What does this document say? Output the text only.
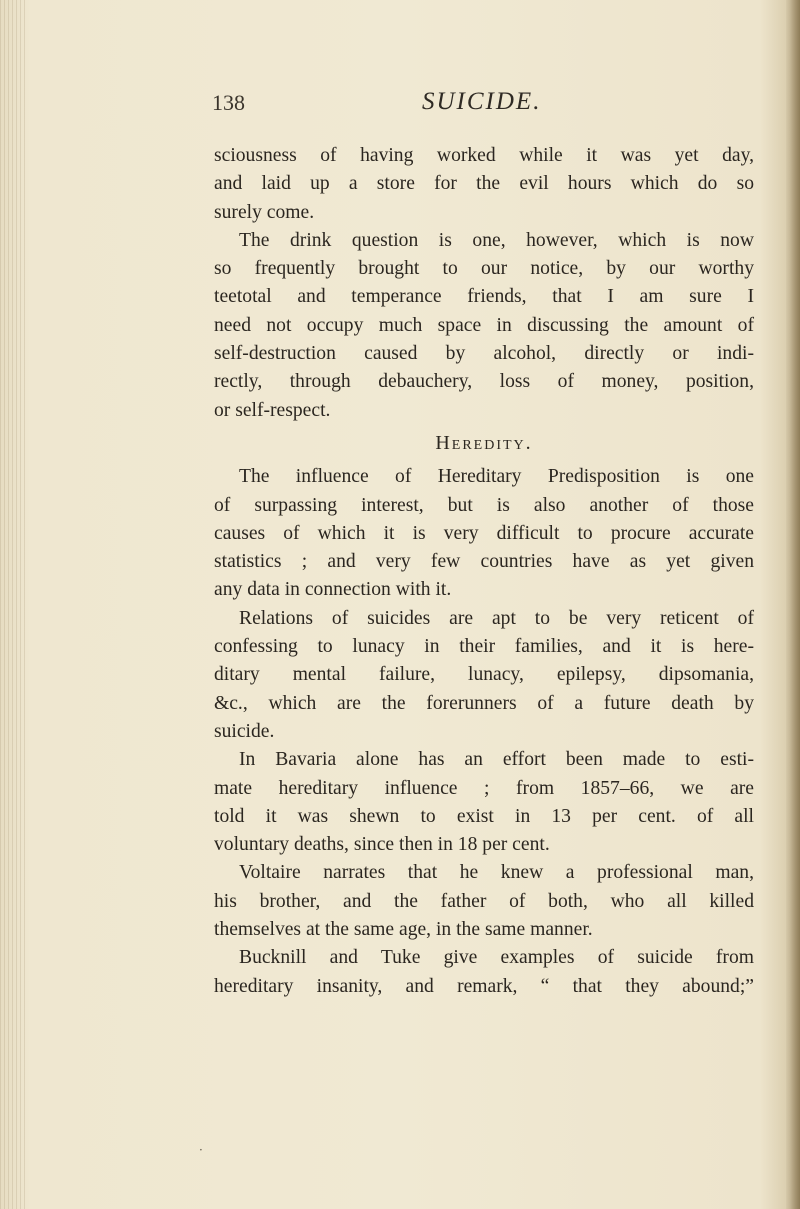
138	SUICIDE.
sciousness of having worked while it was yet day,
and laid up a store for the evil hours which do so
surely come.
The drink question is one, however, which is now
so frequently brought to our notice, by our worthy
teetotal and temperance friends, that I am sure I
need not occupy much space in discussing the amount of
self-destruction caused by alcohol, directly or indi-
rectly, through debauchery, loss of money, position,
or self-respect.
Heredity.
The influence of Hereditary Predisposition is one
of surpassing interest, but is also another of those
causes of which it is very difficult to procure accurate
statistics ; and very few countries have as yet given
any data in connection with it.
Relations of suicides are apt to be very reticent of
confessing to lunacy in their families, and it is here-
ditary mental failure, lunacy, epilepsy, dipsomania,
&c., which are the forerunners of a future death by
suicide.
In Bavaria alone has an effort been made to esti-
mate hereditary influence ; from 1857–66, we are
told it was shewn to exist in 13 per cent. of all
voluntary deaths, since then in 18 per cent.
Voltaire narrates that he knew a professional man,
his brother, and the father of both, who all killed
themselves at the same age, in the same manner.
Bucknill and Tuke give examples of suicide from
hereditary insanity, and remark, “ that they abound;”
·
